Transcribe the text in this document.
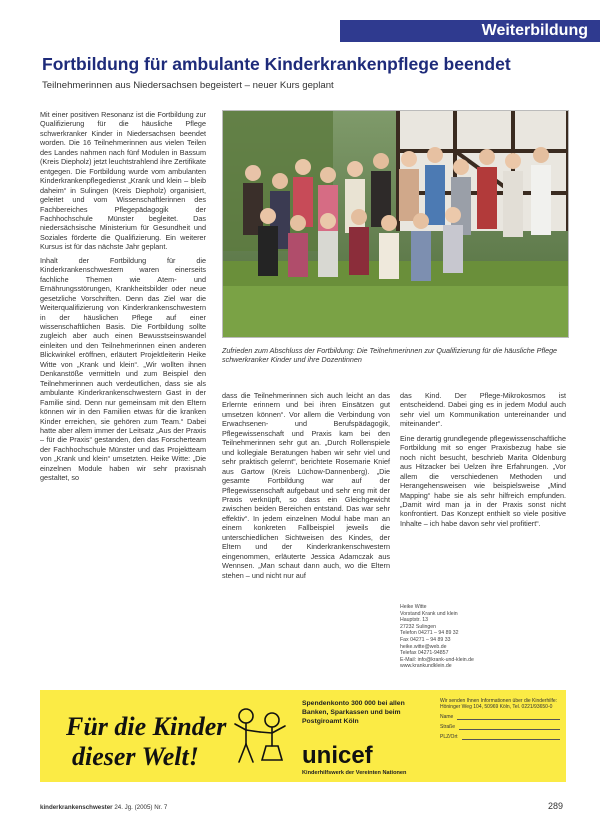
Weiterbildung
Fortbildung für ambulante Kinderkrankenpflege beendet
Teilnehmerinnen aus Niedersachsen begeistert – neuer Kurs geplant

Mit einer positiven Resonanz ist die Fortbildung zur Qualifizierung für die häusliche Pflege schwerkranker Kinder in Niedersachsen beendet worden. Die 16 Teilnehmerinnen aus vielen Teilen des Landes nahmen nach fünf Modulen in Bassum (Kreis Diepholz) jetzt leuchtstrahlend ihre Zertifikate entgegen. Die Fortbildung wurde vom ambulanten Kinderkrankenpflegedienst „Krank und klein – bleib daheim“ in Sulingen (Kreis Diepholz) organisiert, geleitet und vom Wissenschaftlerinnen des Fachbereiches Pflegepädagogik der Fachhochschule Münster begleitet. Das niedersächsische Ministerium für Gesundheit und Soziales förderte die Qualifizierung. Ein weiterer Kursus ist für das nächste Jahr geplant.

Inhalt der Fortbildung für die Kinderkrankenschwestern waren einerseits fachliche Themen wie Atem- und Ernährungsstörungen, Krankheitsbilder oder neue gesetzliche Vorschriften. Denn das Ziel war die Weiterqualifizierung von Kinderkrankenschwestern in der häuslichen Pflege auf einer wissenschaftlichen Basis. Die Fortbildung sollte zugleich aber auch einen Bewusstseinswandel einleiten und den Teilnehmerinnen einen anderen Blickwinkel eröffnen, erläutert Projektleiterin Heike Witte von „Krank und klein“. „Wir wollten ihnen Denkanstöße vermitteln und zum Beispiel den Teilnehmerinnen auch verdeutlichen, dass sie als ambulante Kinderkrankenschwestern Gast in der Familie sind. Denn nur gemeinsam mit den Eltern können wir in den Familien etwas für die kranken Kinder erreichen, sie gehören zum Team.“ Dabei hatte aber allem immer der Leitsatz „Aus der Praxis – für die Praxis“ gestanden, den das Forscherteam der Fachhochschule Münster und das Projektteam von „Krank und klein“ umsetzten. Heike Witte: „Die einzelnen Module haben wir sehr praxisnah gestaltet, so

Zufrieden zum Abschluss der Fortbildung: Die Teilnehmerinnen zur Qualifizierung für die häusliche Pflege schwerkranker Kinder und ihre Dozentinnen

dass die Teilnehmerinnen sich auch leicht an das Erlernte erinnern und bei ihren Einsätzen gut umsetzen können“. Vor allem die Verbindung von Erwachsenen- und Berufspädagogik, Pflegewissenschaft und Praxis kam bei den Teilnehmerinnen sehr gut an. „Durch Rollenspiele und kollegiale Beratungen haben wir sehr viel und sehr praktisch gelernt“, berichtete Rosemarie Knief aus Gartow (Kreis Lüchow-Dannenberg). „Die gesamte Fortbildung war auf der Pflegewissenschaft aufgebaut und sehr eng mit der Praxis verknüpft, so dass ein Gleichgewicht zwischen beiden Bereichen entstand. Das war sehr effektiv“. In jedem einzelnen Modul habe man an einem konkreten Fallbeispiel jeweils die unterschiedlichen Sichtweisen des Kindes, der Eltern und der Kinderkrankenschwestern eingenommen, erläuterte Jessica Adamczak aus Wennsen. „Man schaut dann auch, wo die Eltern stehen – und nicht nur auf

das Kind. Der Pflege-Mikrokosmos ist entscheidend. Dabei ging es in jedem Modul auch sehr viel um Kommunikation untereinander und miteinander“.

Eine derartig grundlegende pflegewissenschaftliche Fortbildung mit so enger Praxisbezug habe sie noch nicht besucht, beschrieb Marita Oldenburg aus Hitzacker bei Uelzen ihre Erfahrungen. „Vor allem die verschiedenen Methoden und Herangehensweisen wie beispielsweise „Mind Mapping“ habe sie als sehr hilfreich empfunden. „Damit wird man ja in der Praxis sonst nicht konfrontiert. Das Konzept enthielt so viele positive Inhalte – ich habe davon sehr viel profitiert“.

Heike Witte
Vorstand Krank und klein
Hauptstr. 13
27232 Sulingen
Telefon 04271 – 94 89 32
Fax 04271 – 94 89 33
heike.witte@web.de
Telefax 04271-94857
E-Mail: info@krank-und-klein.de
www.krankundklein.de
Für die Kinder
dieser Welt!
Spendenkonto 300 000 bei allen Banken, Sparkassen und beim Postgiroamt Köln
unicef
Kinderhilfswerk der Vereinten Nationen
Wir senden Ihnen Informationen über die Kinderhilfe: Höninger Weg 104, 50969 Köln, Tel. 0221/93650-0
Name
Straße
PLZ/Ort
kinderkrankenschwester 24. Jg. (2005) Nr. 7	289
